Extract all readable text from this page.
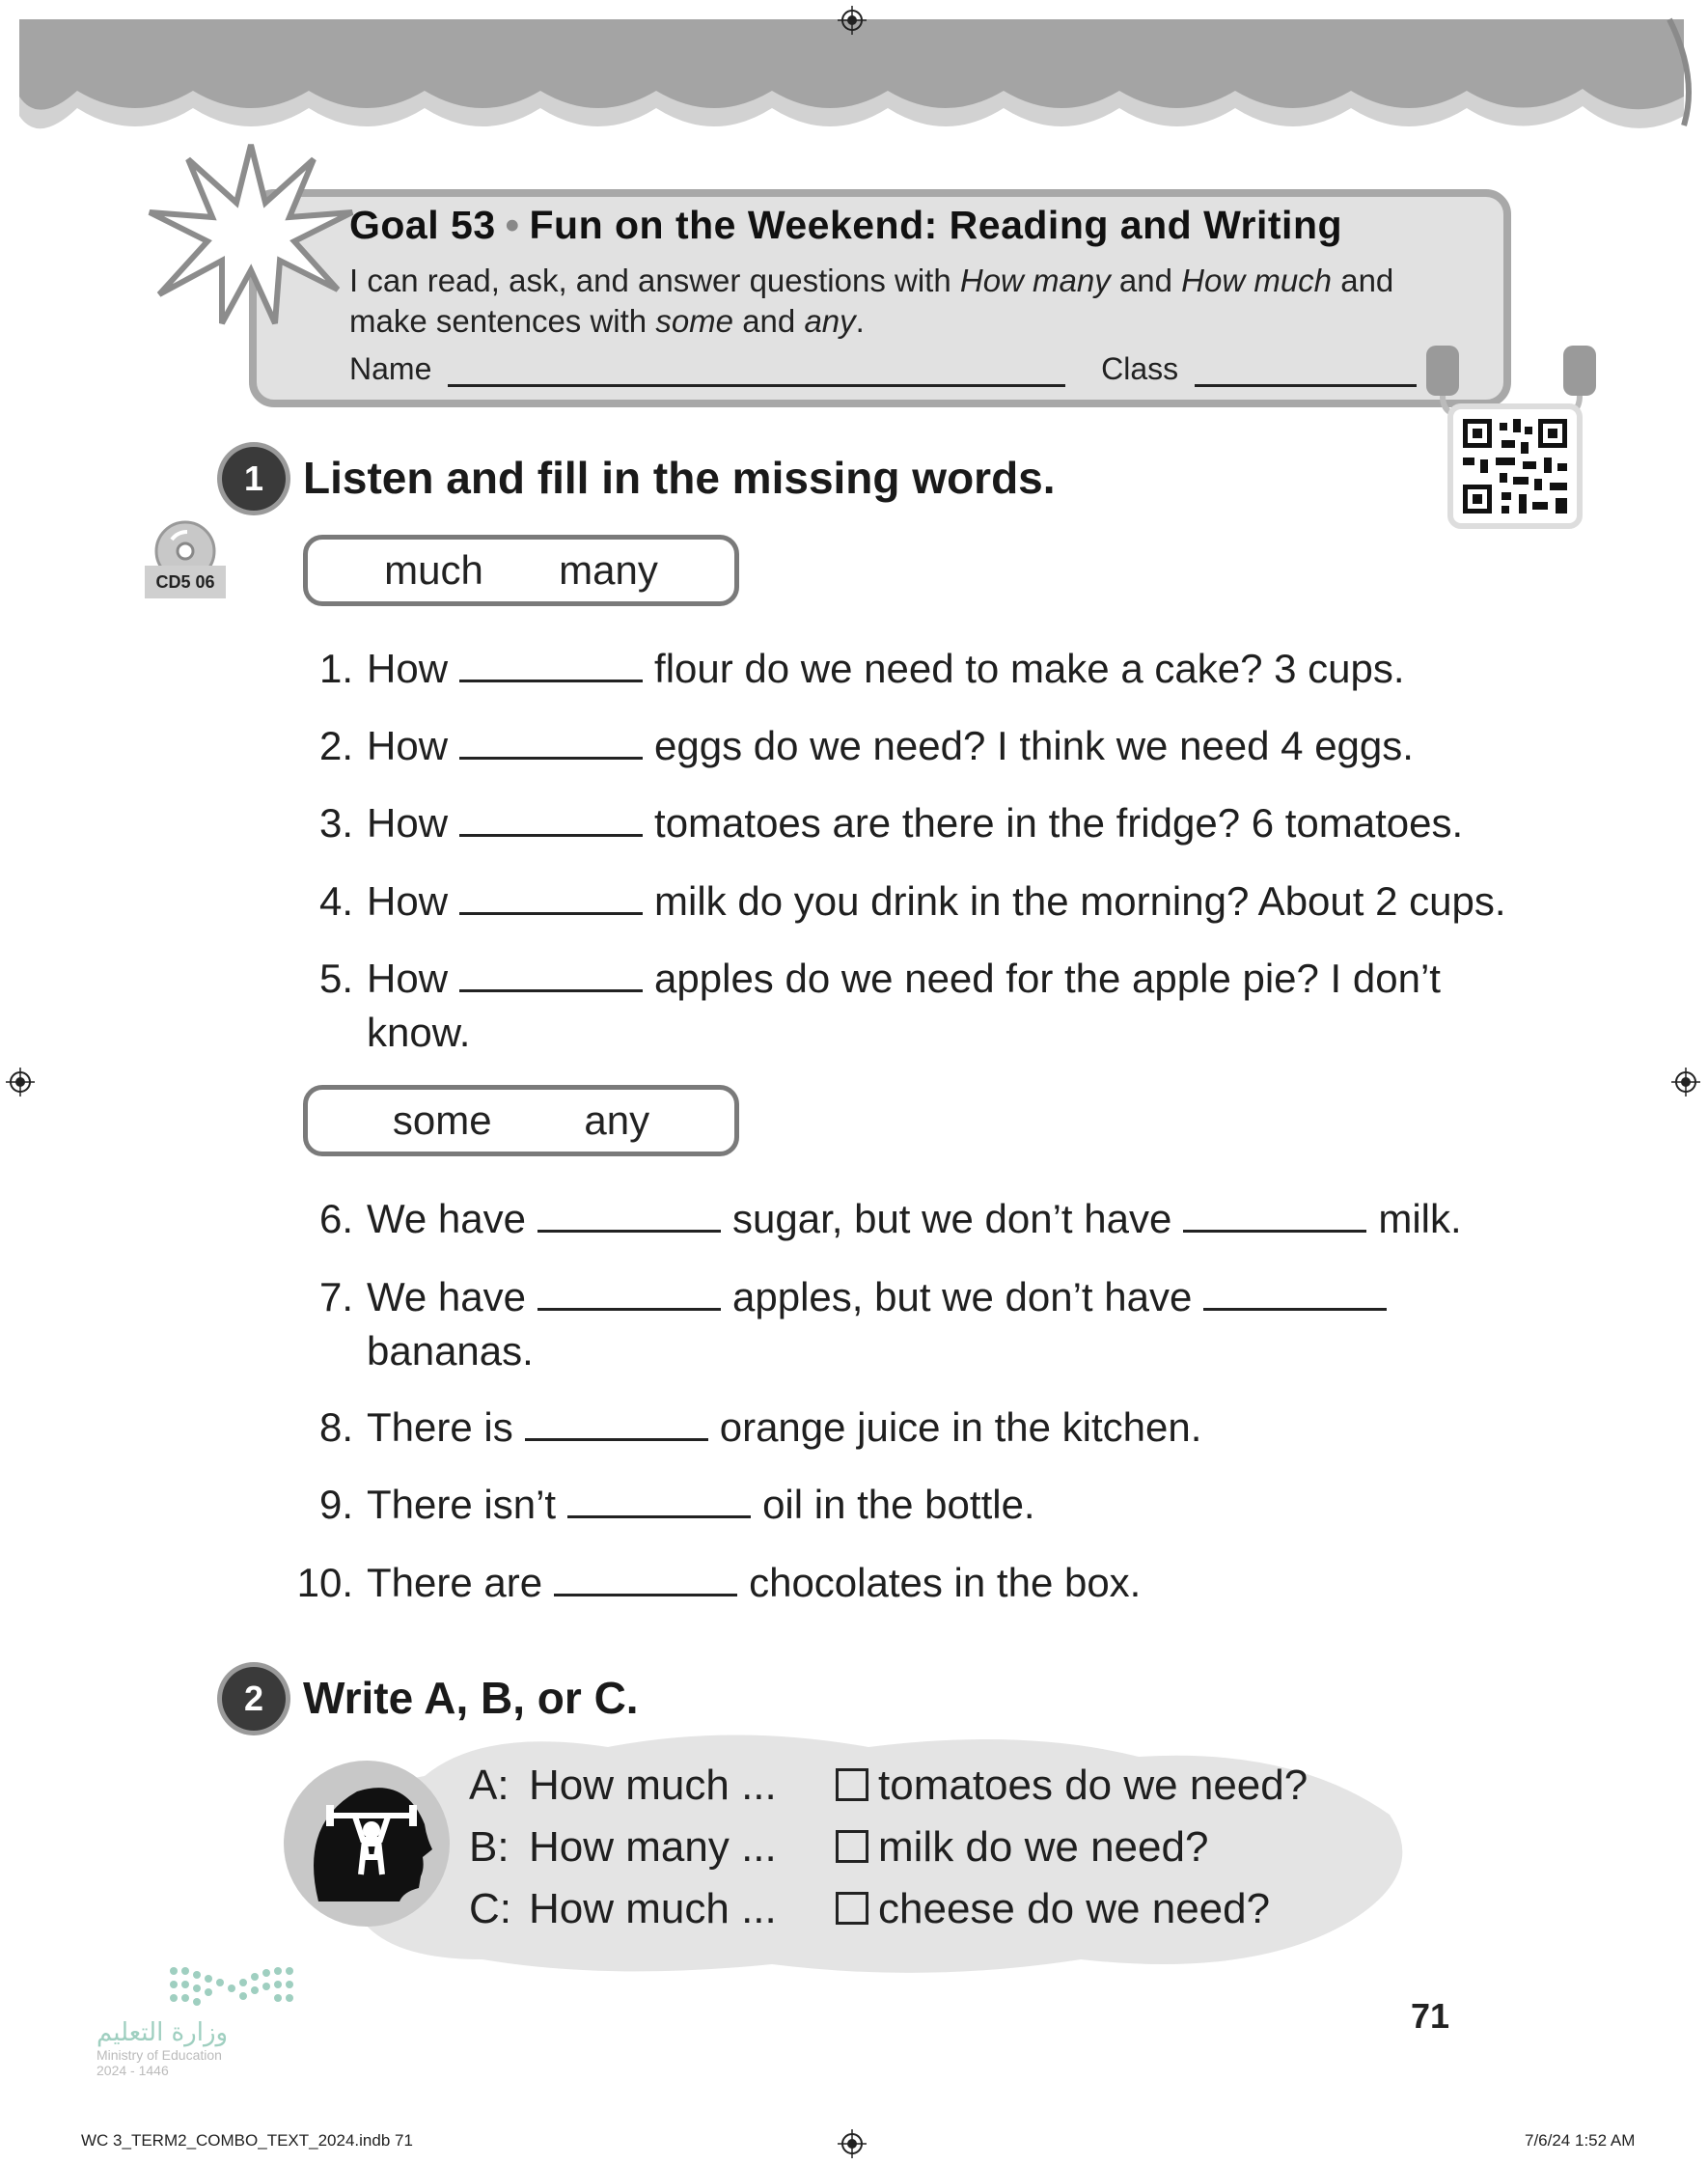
Goal 53 • Fun on the Weekend: Reading and Writing
I can read, ask, and answer questions with How many and How much and make sentences with some and any.
Name	Class
1 Listen and fill in the missing words.
CD5 06	much many
1. How	flour do we need to make a cake? 3 cups.
2. How	eggs do we need? I think we need 4 eggs.
3. How	tomatoes are there in the fridge? 6 tomatoes.
4. How	milk do you drink in the morning? About 2 cups.
5. How	apples do we need for the apple pie? I don’t
know.
some any
6. We have	sugar, but we don’t have	milk.
7. We have	apples, but we don’t have
bananas.
8. There is	orange juice in the kitchen.
9. There isn’t	oil in the bottle.
10. There are	chocolates in the box.
2 Write A, B, or C.
A: How much ... tomatoes do we need?
B: How many ... milk do we need?
C: How much ... cheese do we need?
71
وزارة التعليم
Ministry of Education
2024 - 1446
WC 3_TERM2_COMBO_TEXT_2024.indb 71	7/6/24 1:52 AM
